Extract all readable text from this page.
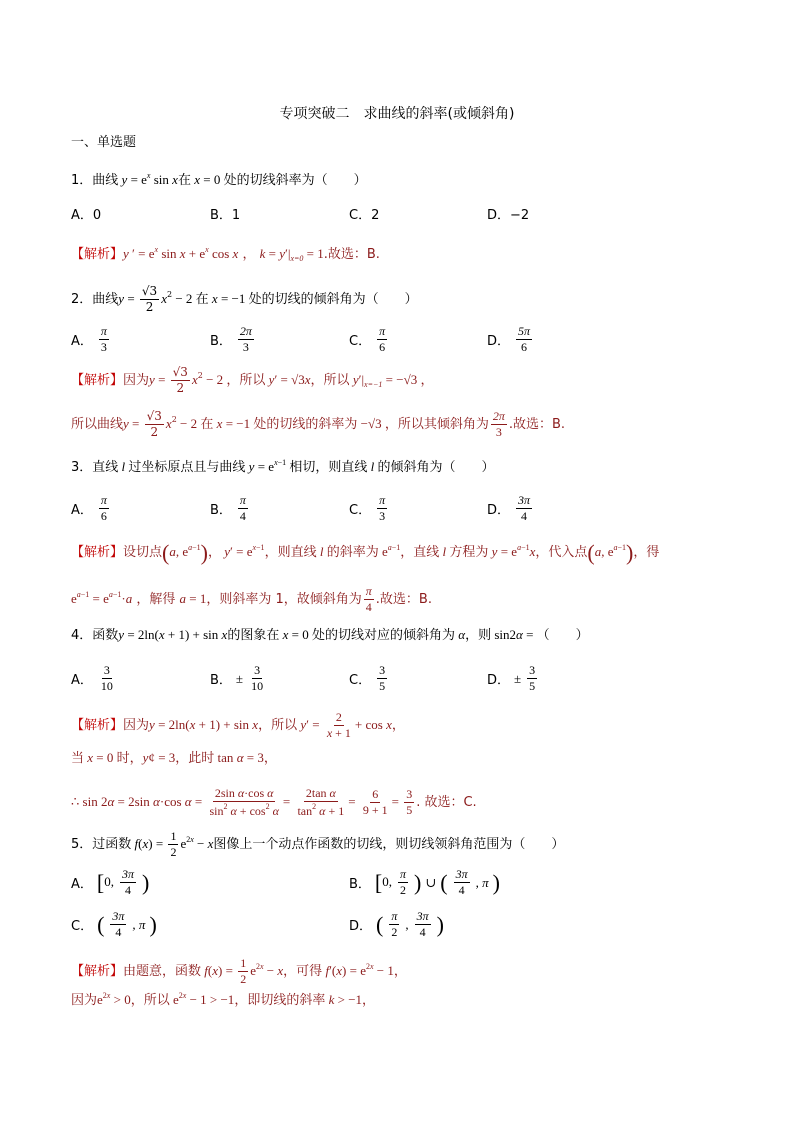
专项突破二　求曲线的斜率(或倾斜角)
一、单选题
1．曲线 $y = e^x$ sin x在 x = 0 处的切线斜率为（　　）
A．0	B．1	C．2	D．−2
【解析】y ′ = $e^x$ $\sin x + e^x$ cos x ， $k = y'|_{x=0} = 1$.故选：B.
2．曲线$y = \frac{√3}{2} x^2 - 2$ 在 x = −1 处的切线的倾斜角为（　　）
A． $\frac{\pi}{3}$	B． $\frac{2\pi}{3}$	C． $\frac{\pi}{6}$	D． $\frac{5\pi}{6}$
【解析】因为$y = \frac{√3}{2} x^2 - 2$ ，所以 y′ = √3x，所以 $y'|_{x=-1} = -√3$ ，
所以曲线$y = \frac{√3}{2} x^2 - 2$ 在 x = −1 处的切线的斜率为 −√3 ，所以其倾斜角为 $\frac{2\pi}{3}$ .故选：B.
3．直线 l 过坐标原点且与曲线 $y = e^{x-1}$ 相切，则直线 l 的倾斜角为（　　）
A． $\frac{\pi}{6}$	B． $\frac{\pi}{4}$	C． $\frac{\pi}{3}$	D． $\frac{3\pi}{4}$
【解析】设切点(a, $e^{a-1}$)， $y' = e^{x-1}$，则直线 l 的斜率为 $e^{a-1}$，直线 l 方程为 $y = e^{a-1}x$，代入点(a, $e^{a-1}$)，得
$e^{a-1} = e^{a-1}\cdot a$ ，解得 a = 1，则斜率为 1，故倾斜角为 $\frac{\pi}{4}$ .故选：B.
4．函数y = 2ln(x + 1) + sin x的图象在 x = 0 处的切线对应的倾斜角为 α，则 sin2α = （　　）
A． $\frac{3}{10}$	B． ± $\frac{3}{10}$	C． $\frac{3}{5}$	D． ± $\frac{3}{5}$
【解析】因为y = 2ln(x + 1) + sin x，所以 $y' = \frac{2}{x + 1} + \cos x$，
当 x = 0 时，y¢ = 3，此时 tan α = 3，
∴ sin 2α = 2sin α·cos $\alpha = \frac{\text{2sin α·cos α}}{\sin^2 \alpha + \cos^2 \alpha} = \frac{\text{2tan α}}{\tan^2 \alpha + 1} = \frac{6}{9 + 1} = \frac{3}{5}$ . 故选：C.
5．过函数 $f(x) = \frac{1}{2} e^{2x} - x$图像上一个动点作函数的切线，则切线领斜角范围为（　　）
A． [0, $\frac{3\pi}{4}$ )	B． [0, $\frac{\pi}{2}$ ) ∪ ( $\frac{3\pi}{4}$ , π )
C． ( $\frac{3\pi}{4}$ , π )	D． ( $\frac{\pi}{2}$ , $\frac{3\pi}{4}$ )
【解析】由题意，函数 $f(x) = \frac{1}{2} e^{2x} - x$，可得 $f'(x) = e^{2x} - 1$，
因为$e^{2x} > 0$，所以 $e^{2x} - 1 > -1$，即切线的斜率 k > −1，
